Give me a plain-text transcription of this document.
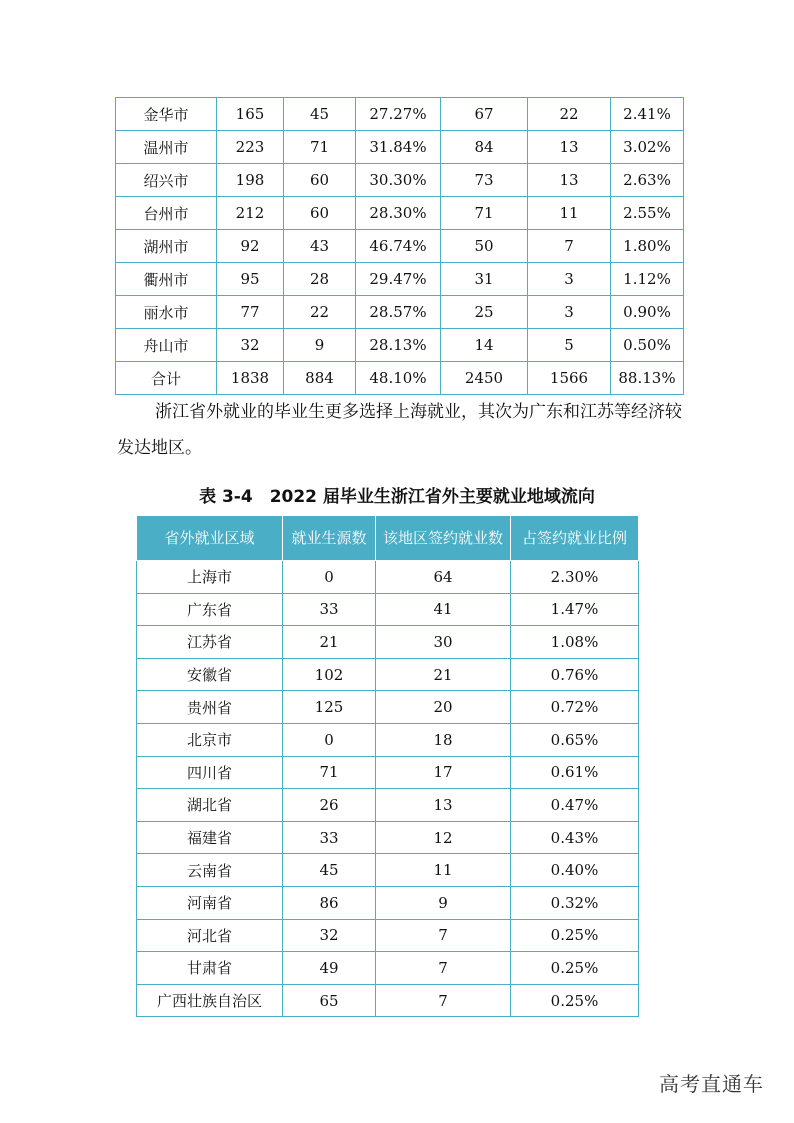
金华市	165	45	27.27%	67	22	2.41%
温州市	223	71	31.84%	84	13	3.02%
绍兴市	198	60	30.30%	73	13	2.63%
台州市	212	60	28.30%	71	11	2.55%
湖州市	92	43	46.74%	50	7	1.80%
衢州市	95	28	29.47%	31	3	1.12%
丽水市	77	22	28.57%	25	3	0.90%
舟山市	32	9	28.13%	14	5	0.50%
合计	1838	884	48.10%	2450	1566	88.13%

浙江省外就业的毕业生更多选择上海就业，其次为广东和江苏等经济较发达地区。

表 3-4　2022 届毕业生浙江省外主要就业地域流向
省外就业区域	就业生源数	该地区签约就业数	占签约就业比例
上海市	0	64	2.30%
广东省	33	41	1.47%
江苏省	21	30	1.08%
安徽省	102	21	0.76%
贵州省	125	20	0.72%
北京市	0	18	0.65%
四川省	71	17	0.61%
湖北省	26	13	0.47%
福建省	33	12	0.43%
云南省	45	11	0.40%
河南省	86	9	0.32%
河北省	32	7	0.25%
甘肃省	49	7	0.25%
广西壮族自治区	65	7	0.25%
高考直通车
